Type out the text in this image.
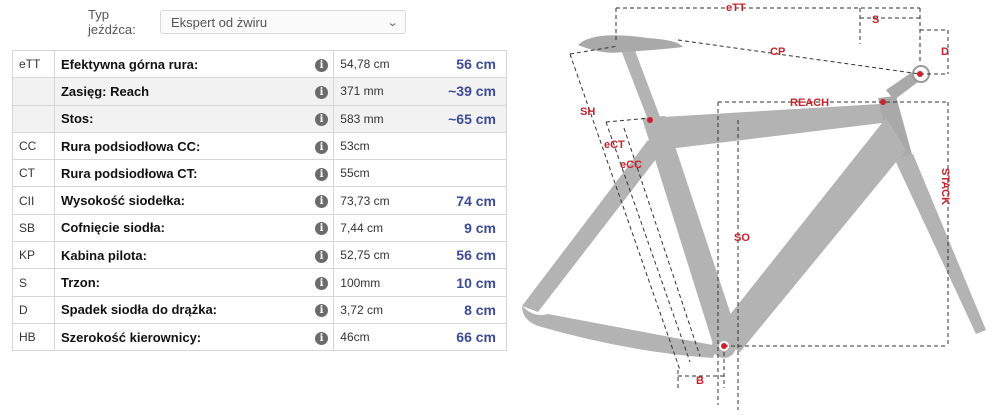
Typ jeźdźca:	Ekspert od żwiru	⌄
eTT	Efektywna górna rura:	i	54,78 cm	56 cm
	Zasięg: Reach	i	371 mm	~39 cm
	Stos:	i	583 mm	~65 cm
CC	Rura podsiodłowa CC:	i	53cm	
CT	Rura podsiodłowa CT:	i	55cm	
CII	Wysokość siodełka:	i	73,73 cm	74 cm
SB	Cofnięcie siodła:	i	7,44 cm	9 cm
KP	Kabina pilota:	i	52,75 cm	56 cm
S	Trzon:	i	100mm	10 cm
D	Spadek siodła do drążka:	i	3,72 cm	8 cm
HB	Szerokość kierownicy:	i	46cm	66 cm
eTT
S
D
CP
REACH
SH
eCT
eCC
SO
STACK
B
